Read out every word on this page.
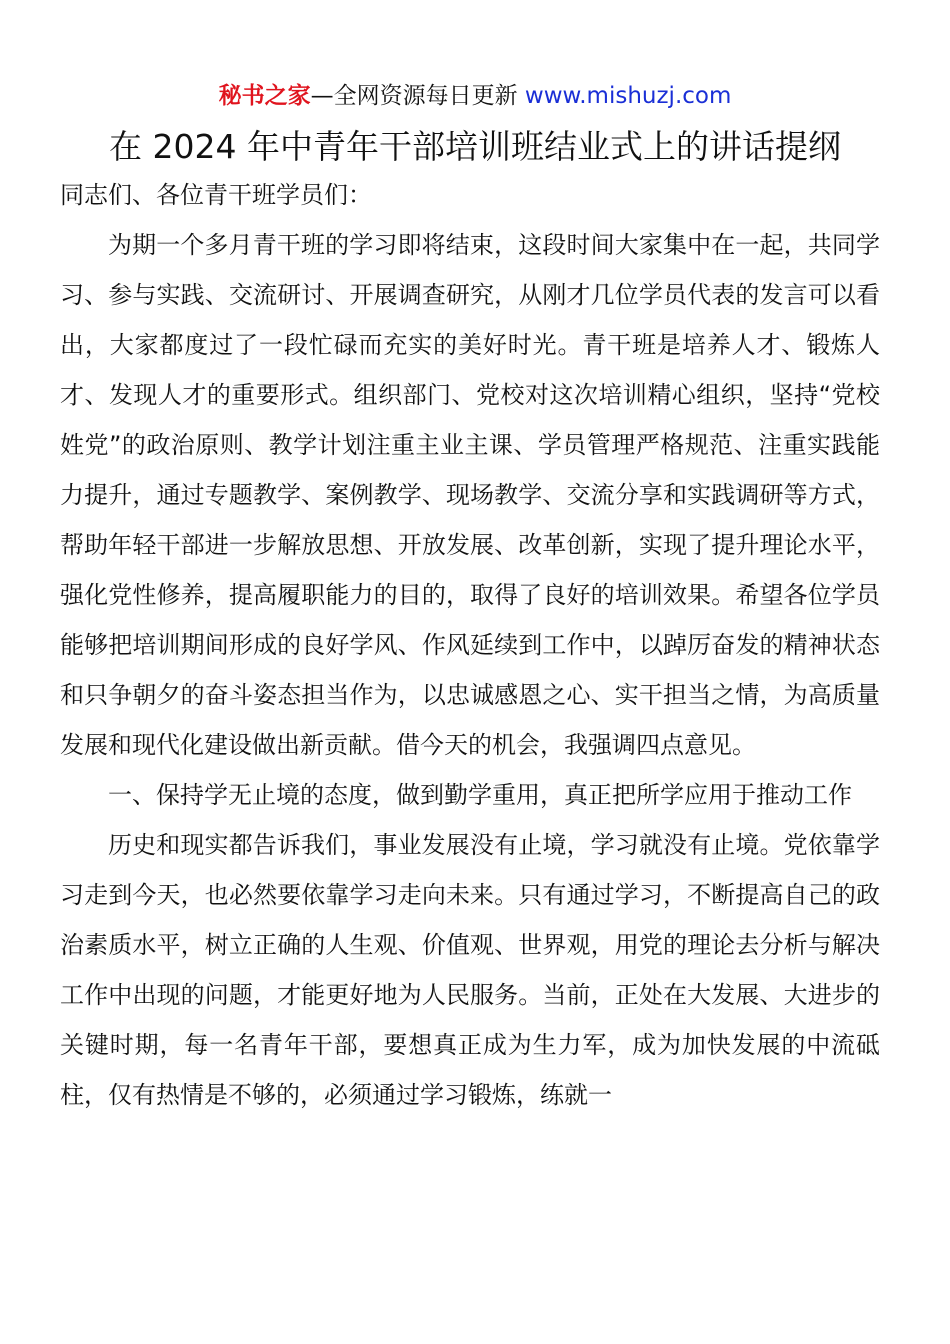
秘书之家—全网资源每日更新 www.mishuzj.com
在 2024 年中青年干部培训班结业式上的讲话提纲

同志们、各位青干班学员们：

为期一个多月青干班的学习即将结束，这段时间大家集中在一起，共同学习、参与实践、交流研讨、开展调查研究，从刚才几位学员代表的发言可以看出，大家都度过了一段忙碌而充实的美好时光。青干班是培养人才、锻炼人才、发现人才的重要形式。组织部门、党校对这次培训精心组织，坚持“党校姓党”的政治原则、教学计划注重主业主课、学员管理严格规范、注重实践能力提升，通过专题教学、案例教学、现场教学、交流分享和实践调研等方式，帮助年轻干部进一步解放思想、开放发展、改革创新，实现了提升理论水平，强化党性修养，提高履职能力的目的，取得了良好的培训效果。希望各位学员能够把培训期间形成的良好学风、作风延续到工作中，以踔厉奋发的精神状态和只争朝夕的奋斗姿态担当作为，以忠诚感恩之心、实干担当之情，为高质量发展和现代化建设做出新贡献。借今天的机会，我强调四点意见。

一、保持学无止境的态度，做到勤学重用，真正把所学应用于推动工作

历史和现实都告诉我们，事业发展没有止境，学习就没有止境。党依靠学习走到今天，也必然要依靠学习走向未来。只有通过学习，不断提高自己的政治素质水平，树立正确的人生观、价值观、世界观，用党的理论去分析与解决工作中出现的问题，才能更好地为人民服务。当前，正处在大发展、大进步的关键时期，每一名青年干部，要想真正成为生力军，成为加快发展的中流砥柱，仅有热情是不够的，必须通过学习锻炼，练就一
